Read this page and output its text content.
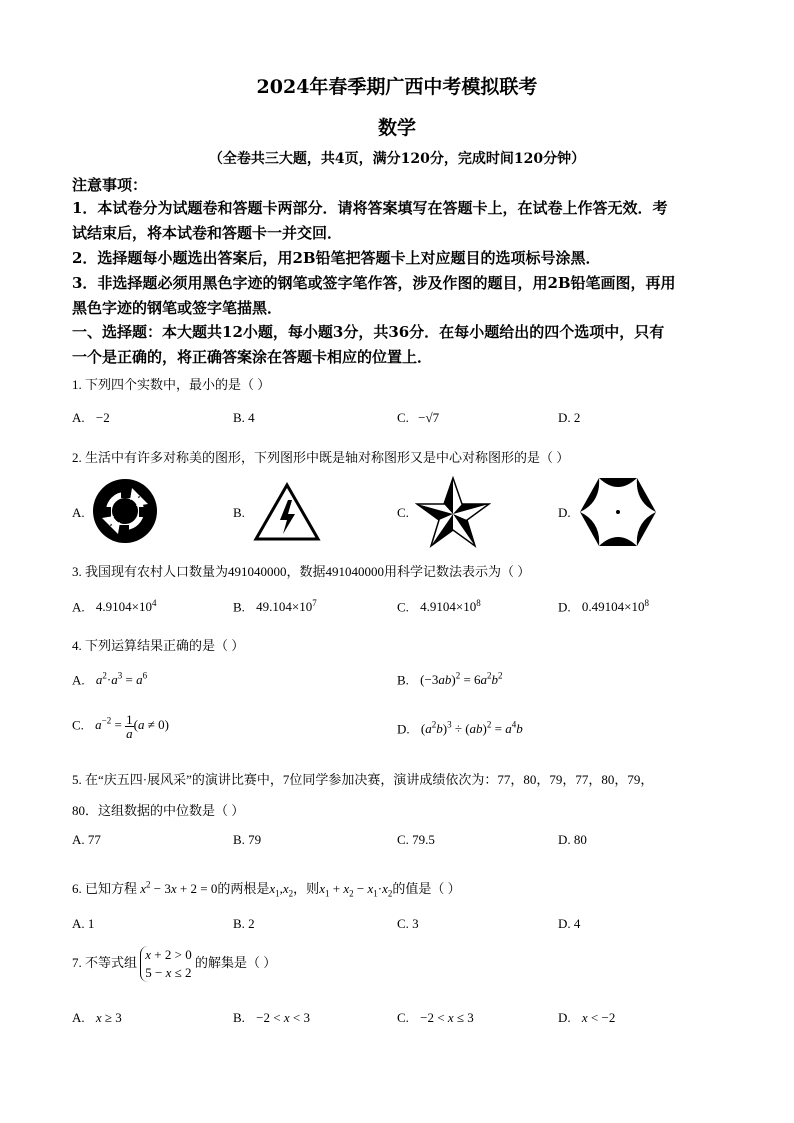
2024年春季期广西中考模拟联考
数学
（全卷共三大题，共4页，满分120分，完成时间120分钟）
注意事项：
1．本试卷分为试题卷和答题卡两部分．请将答案填写在答题卡上，在试卷上作答无效．考
试结束后，将本试卷和答题卡一并交回．
2．选择题每小题选出答案后，用2B铅笔把答题卡上对应题目的选项标号涂黑．
3．非选择题必须用黑色字迹的钢笔或签字笔作答，涉及作图的题目，用2B铅笔画图，再用
黑色字迹的钢笔或签字笔描黑．
一、选择题：本大题共12小题，每小题3分，共36分．在每小题给出的四个选项中，只有
一个是正确的，将正确答案涂在答题卡相应的位置上．
1. 下列四个实数中，最小的是（ ）
A. −2	B. 4	C. −√7	D. 2
2. 生活中有许多对称美的图形，下列图形中既是轴对称图形又是中心对称图形的是（ ）
A.	B.	C.	D.
3. 我国现有农村人口数量为491040000，数据491040000用科学记数法表示为（ ）
A. $4.9104\times 10^4$	B. $49.104\times 10^7$	C. $4.9104\times 10^8$	D. $0.49104\times 10^8$
4. 下列运算结果正确的是（ ）
A. $a^2\cdot a^3 = a^6$	B. $(-3ab)^2 = 6a^2b^2$
C. $a^{-2} = \frac{1}{a} (a \ne 0)$	D. $(a^2b)^3 \div (ab)^2 = a^4b$
5. 在“庆五四·展风采”的演讲比赛中，7位同学参加决赛，演讲成绩依次为：77，80，79，77，80，79，
80．这组数据的中位数是（ ）
A. 77	B. 79	C. 79.5	D. 80
6. 已知方程 $x^2 - 3x + 2 = 0$的两根是$x_1,x_2$，则$x_1 + x_2 - x_1\cdot x_2$的值是（ ）
A. 1	B. 2	C. 3	D. 4
7. 不等式组
x + 2 > 0
5 − x ≤ 2
的解集是（ ）
A. x ≥ 3	B. −2 < x < 3	C. −2 < x ≤ 3	D. x < −2
